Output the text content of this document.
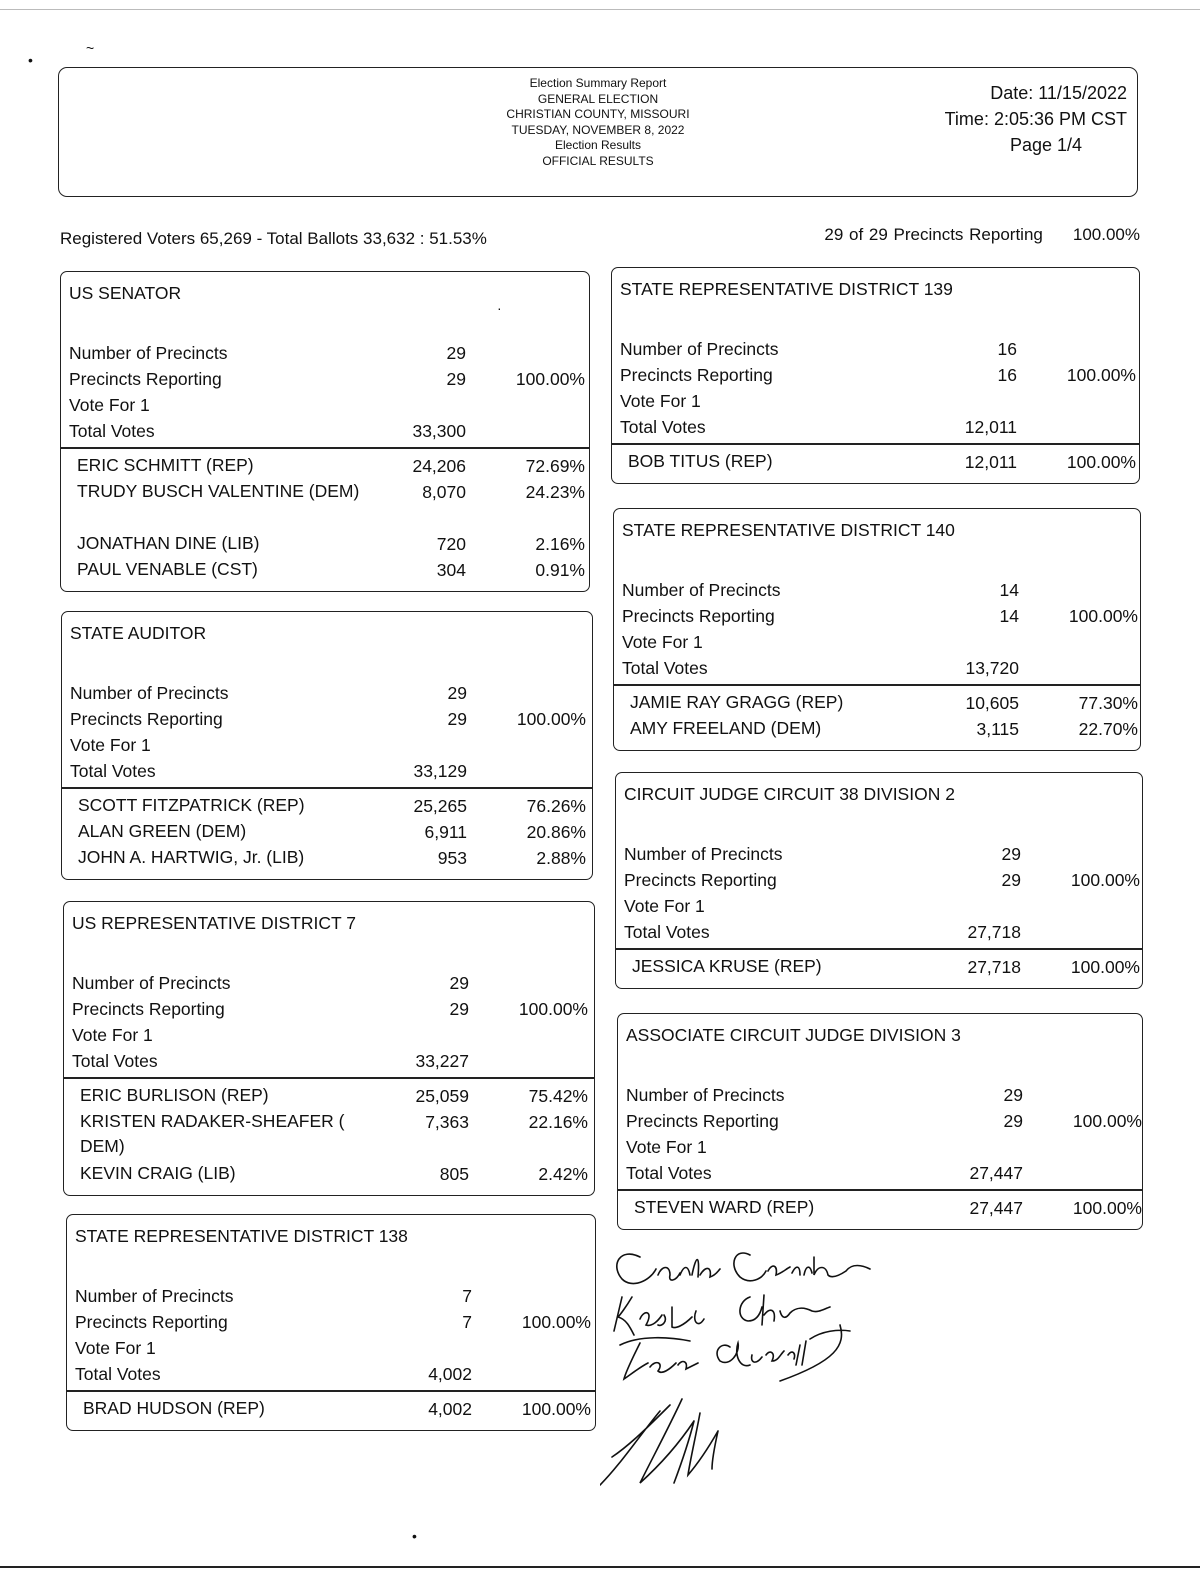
Election Summary Report
GENERAL ELECTION
CHRISTIAN COUNTY, MISSOURI
TUESDAY, NOVEMBER 8, 2022
Election Results
OFFICIAL RESULTS
Date: 11/15/2022
Time: 2:05:36 PM CST
Page 1/4
Registered Voters 65,269 - Total Ballots 33,632 : 51.53%	29 of 29 Precincts Reporting 100.00%
US SENATOR
Number of Precincts	29
Precincts Reporting	29	100.00%
Vote For 1
Total Votes	33,300
ERIC SCHMITT (REP)	24,206	72.69%
TRUDY BUSCH VALENTINE (DEM)	8,070	24.23%
JONATHAN DINE (LIB)	720	2.16%
PAUL VENABLE (CST)	304	0.91%
STATE AUDITOR
Number of Precincts	29
Precincts Reporting	29	100.00%
Vote For 1
Total Votes	33,129
SCOTT FITZPATRICK (REP)	25,265	76.26%
ALAN GREEN (DEM)	6,911	20.86%
JOHN A. HARTWIG, Jr. (LIB)	953	2.88%
US REPRESENTATIVE DISTRICT 7
Number of Precincts	29
Precincts Reporting	29	100.00%
Vote For 1
Total Votes	33,227
ERIC BURLISON (REP)	25,059	75.42%
KRISTEN RADAKER-SHEAFER ( DEM)
7,363	22.16%
KEVIN CRAIG (LIB)	805	2.42%
STATE REPRESENTATIVE DISTRICT 138
Number of Precincts	7
Precincts Reporting	7	100.00%
Vote For 1
Total Votes	4,002
BRAD HUDSON (REP)	4,002	100.00%
STATE REPRESENTATIVE DISTRICT 139
Number of Precincts	16
Precincts Reporting	16	100.00%
Vote For 1
Total Votes	12,011
BOB TITUS (REP)	12,011	100.00%
STATE REPRESENTATIVE DISTRICT 140
Number of Precincts	14
Precincts Reporting	14	100.00%
Vote For 1
Total Votes	13,720
JAMIE RAY GRAGG (REP)	10,605	77.30%
AMY FREELAND (DEM)	3,115	22.70%
CIRCUIT JUDGE CIRCUIT 38 DIVISION 2
Number of Precincts	29
Precincts Reporting	29	100.00%
Vote For 1
Total Votes	27,718
JESSICA KRUSE (REP)	27,718	100.00%
ASSOCIATE CIRCUIT JUDGE DIVISION 3
Number of Precincts	29
Precincts Reporting	29	100.00%
Vote For 1
Total Votes	27,447
STEVEN WARD (REP)	27,447	100.00%
•
~
·
•
